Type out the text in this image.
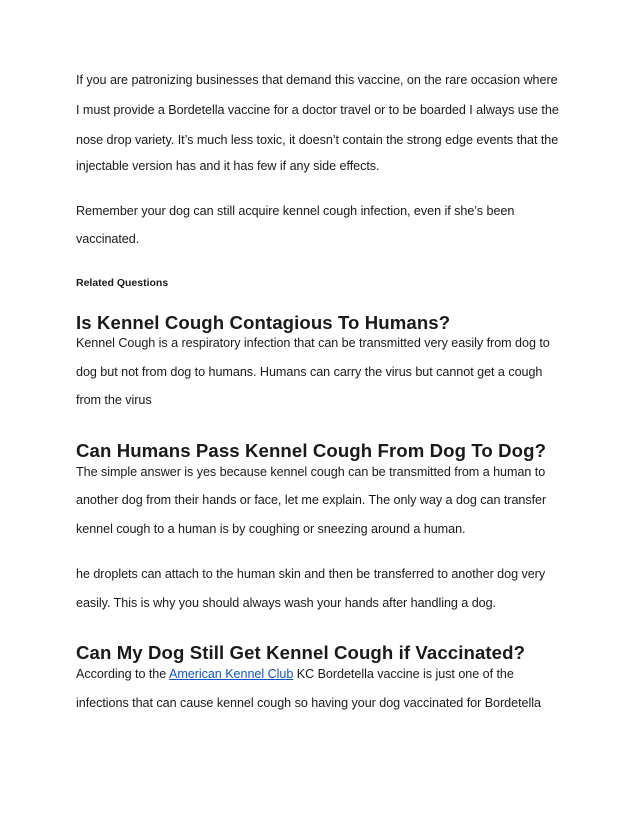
If you are patronizing businesses that demand this vaccine, on the rare occasion where
I must provide a Bordetella vaccine for a doctor travel or to be boarded I always use the
nose drop variety. It’s much less toxic, it doesn’t contain the strong edge events that the
injectable version has and it has few if any side effects.
Remember your dog can still acquire kennel cough infection, even if she’s been
vaccinated.
Related Questions
Is Kennel Cough Contagious To Humans?
Kennel Cough is a respiratory infection that can be transmitted very easily from dog to
dog but not from dog to humans. Humans can carry the virus but cannot get a cough
from the virus
Can Humans Pass Kennel Cough From Dog To Dog?
The simple answer is yes because kennel cough can be transmitted from a human to
another dog from their hands or face, let me explain. The only way a dog can transfer
kennel cough to a human is by coughing or sneezing around a human.
he droplets can attach to the human skin and then be transferred to another dog very
easily. This is why you should always wash your hands after handling a dog.
Can My Dog Still Get Kennel Cough if Vaccinated?
According to the American Kennel Club KC Bordetella vaccine is just one of the
infections that can cause kennel cough so having your dog vaccinated for Bordetella
